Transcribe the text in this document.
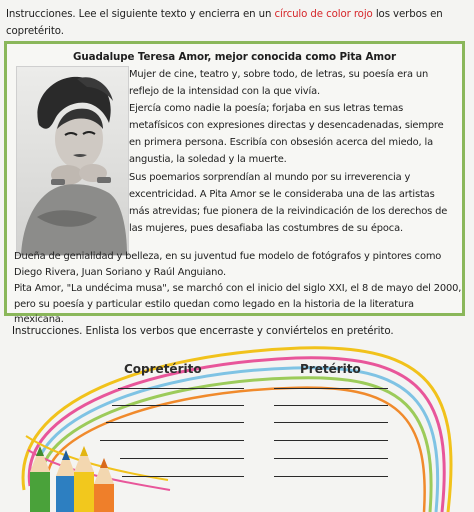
Instrucciones. Lee el siguiente texto y encierra en un círculo de color rojo los verbos en copretérito.
Guadalupe Teresa Amor, mejor conocida como Pita Amor
Mujer de cine, teatro y, sobre todo, de letras, su poesía era un
reflejo de la intensidad con la que vivía.
Ejercía como nadie la poesía; forjaba en sus letras temas
metafísicos con expresiones directas y desencadenadas, siempre
en primera persona. Escribía con obsesión acerca del miedo, la
angustia, la soledad y la muerte.
Sus poemarios sorprendían al mundo por su irreverencia y
excentricidad. A Pita Amor se le consideraba una de las artistas
más atrevidas; fue pionera de la reivindicación de los derechos de
las mujeres, pues desafiaba las costumbres de su época.

Dueña de genialidad y belleza, en su juventud fue modelo de fotógrafos y pintores como Diego Rivera, Juan Soriano y Raúl Anguiano.

Pita Amor, "La undécima musa", se marchó con el inicio del siglo XXI, el 8 de mayo del 2000, pero su poesía y particular estilo quedan como legado en la historia de la literatura mexicana.

Instrucciones. Enlista los verbos que encerraste y conviértelos en pretérito.
Copretérito	Pretérito
